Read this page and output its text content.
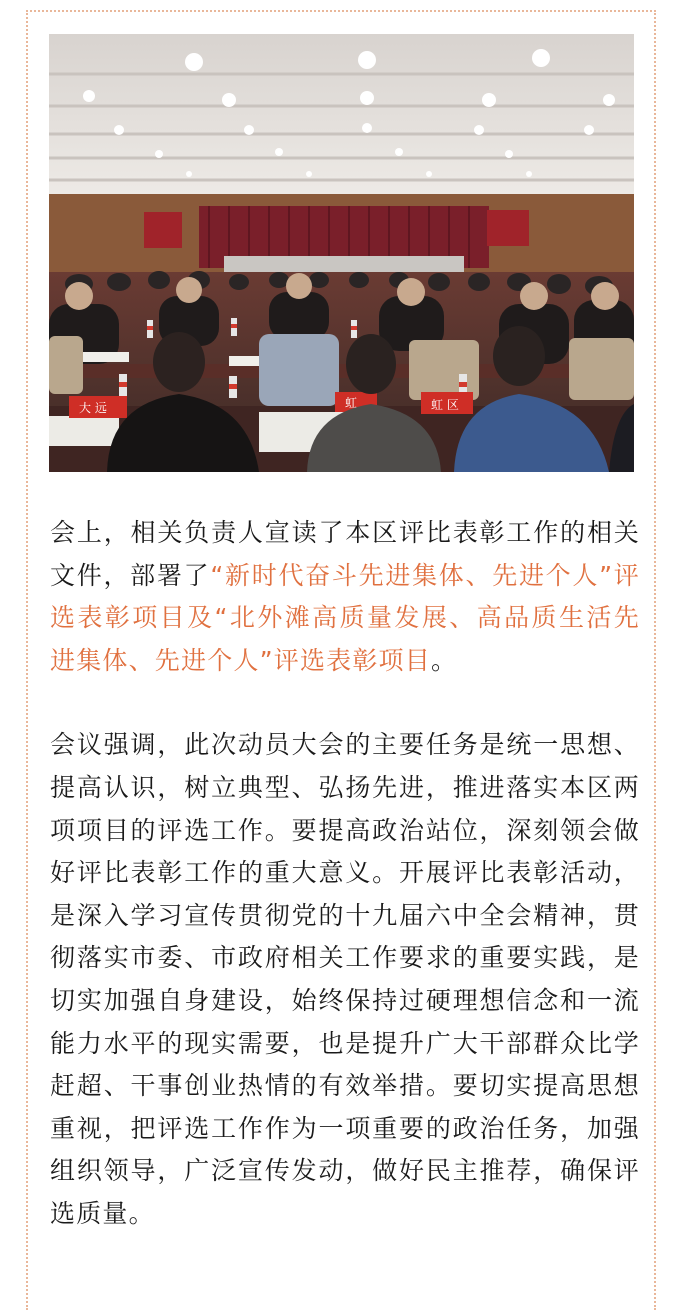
大 远	虹	虹 区

会上，相关负责人宣读了本区评比表彰工作的相关文件，部署了“新时代奋斗先进集体、先进个人”评选表彰项目及“北外滩高质量发展、高品质生活先进集体、先进个人”评选表彰项目。

会议强调，此次动员大会的主要任务是统一思想、提高认识，树立典型、弘扬先进，推进落实本区两项项目的评选工作。要提高政治站位，深刻领会做好评比表彰工作的重大意义。开展评比表彰活动，是深入学习宣传贯彻党的十九届六中全会精神，贯彻落实市委、市政府相关工作要求的重要实践，是切实加强自身建设，始终保持过硬理想信念和一流能力水平的现实需要，也是提升广大干部群众比学赶超、干事创业热情的有效举措。要切实提高思想重视，把评选工作作为一项重要的政治任务，加强组织领导，广泛宣传发动，做好民主推荐，确保评选质量。
